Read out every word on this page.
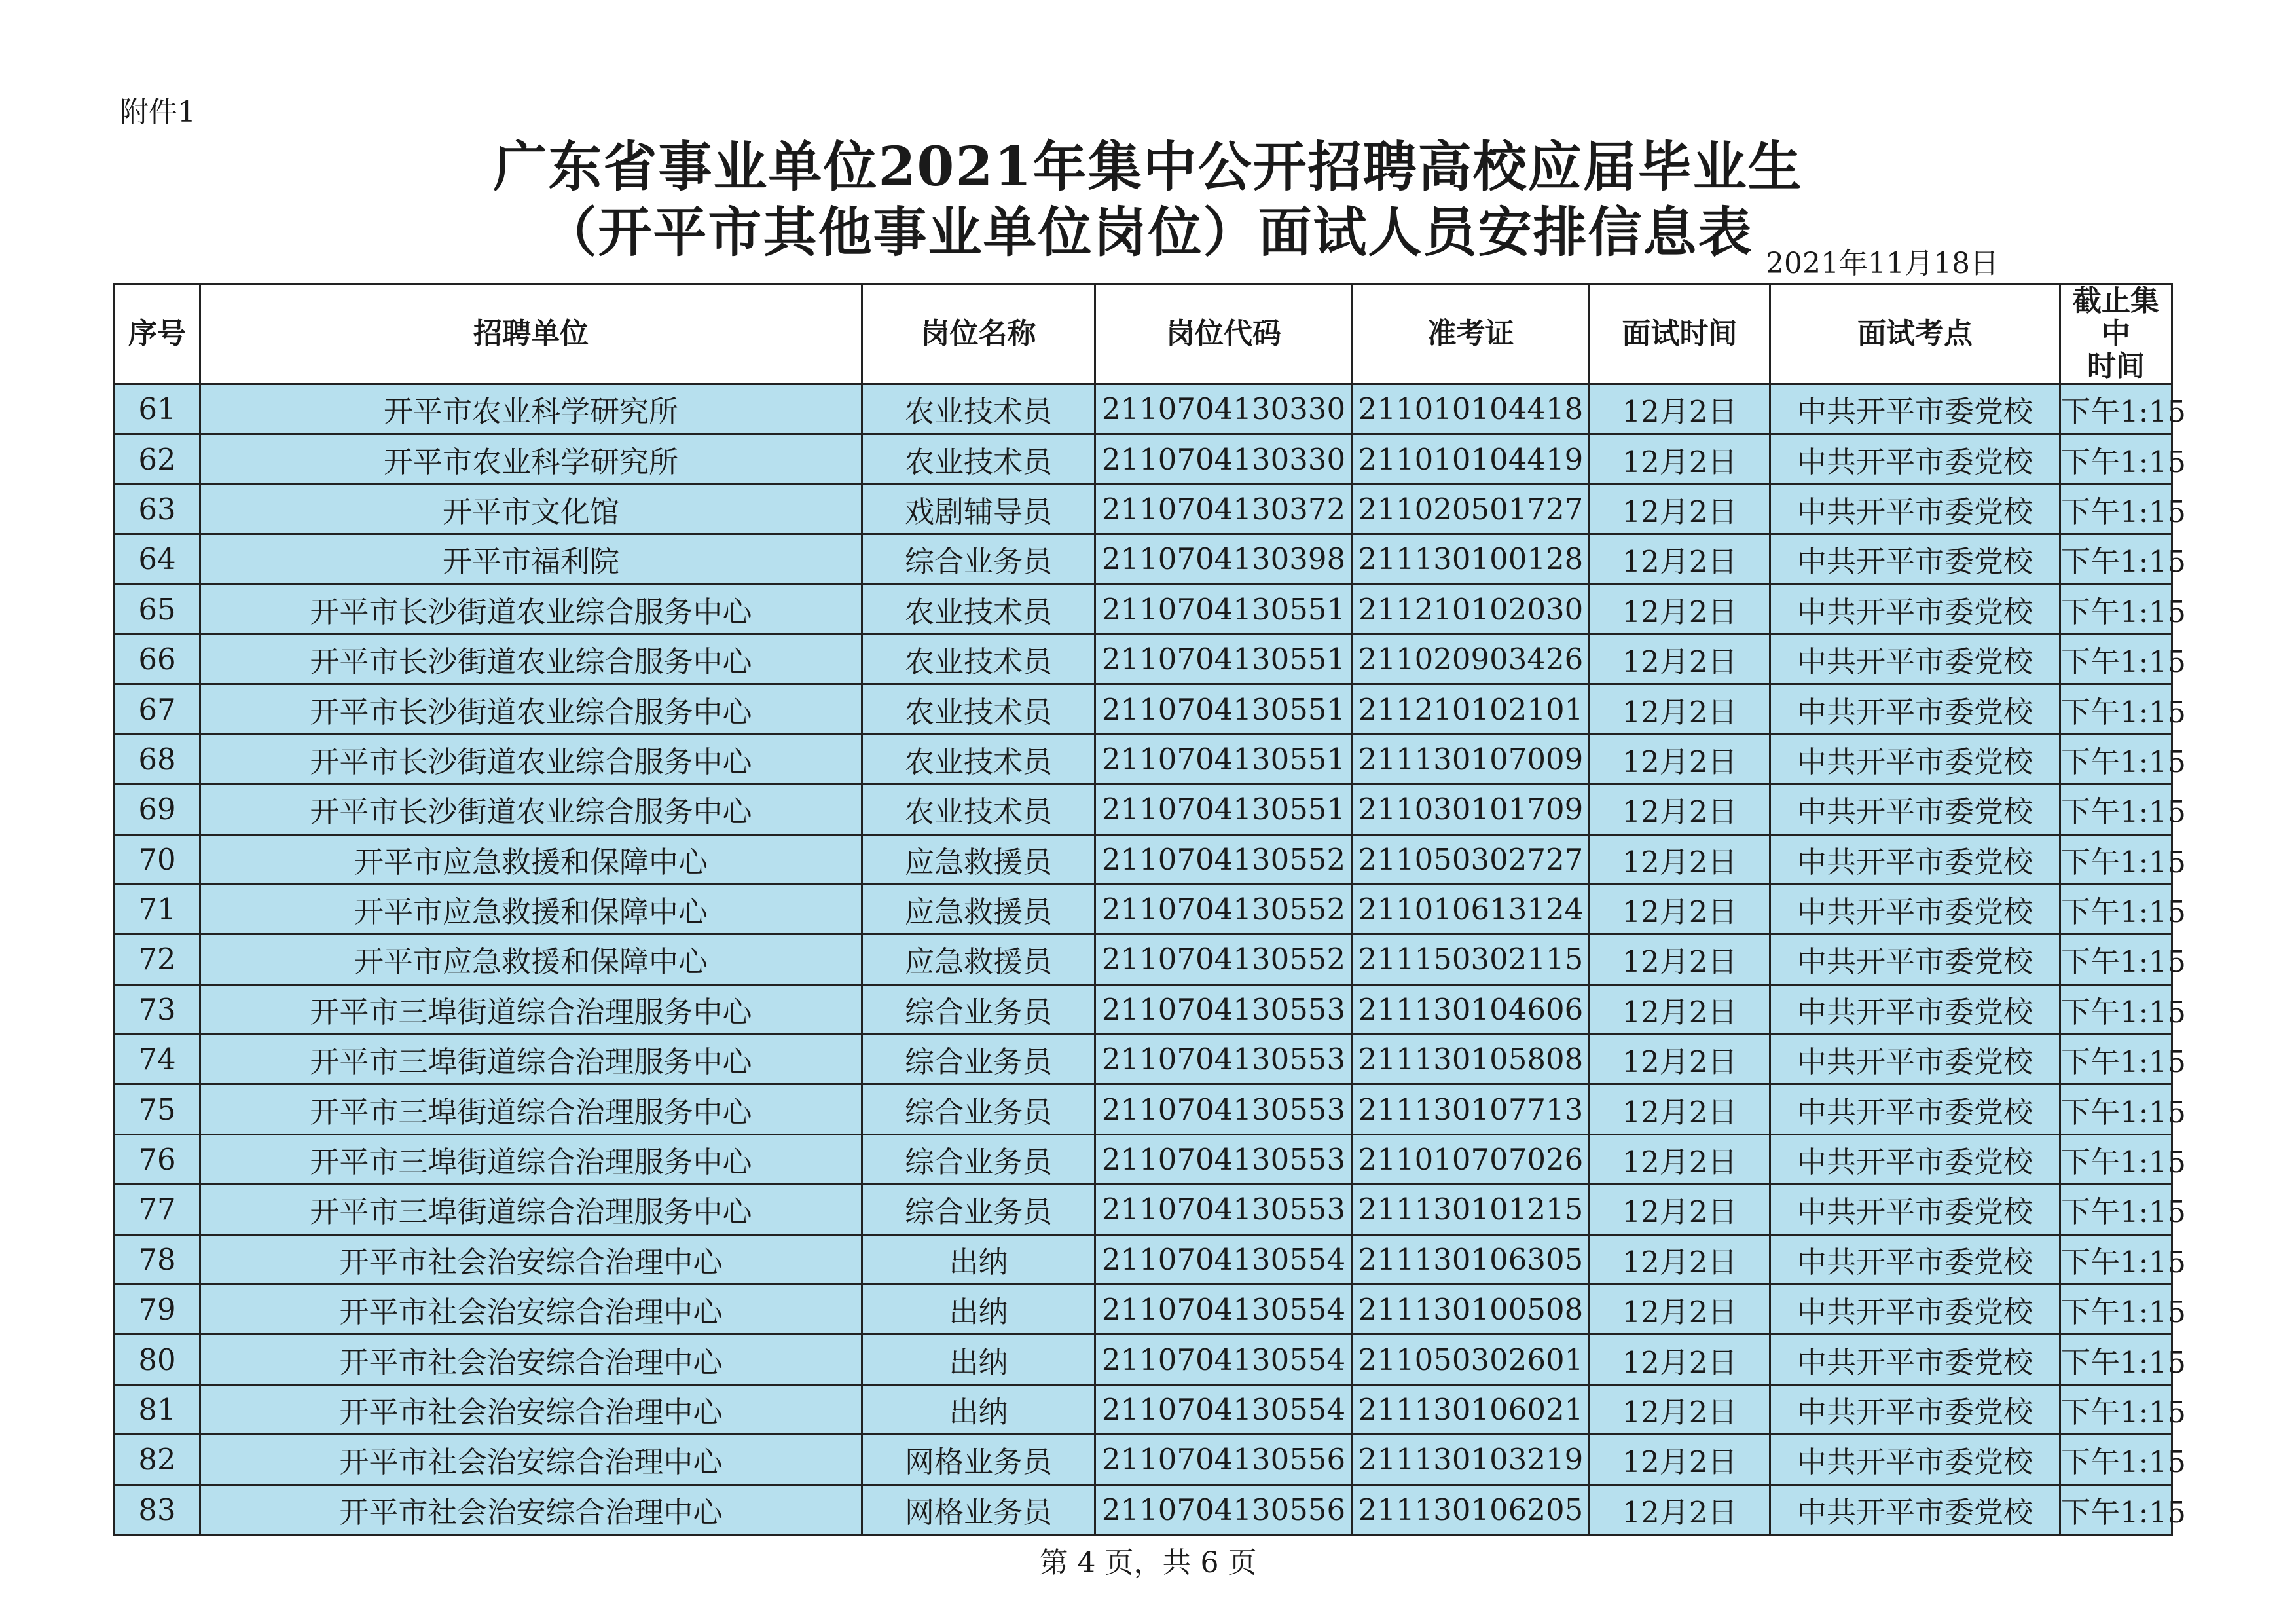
附件1
广东省事业单位2021年集中公开招聘高校应届毕业生
（开平市其他事业单位岗位）面试人员安排信息表 2021年11月18日
序号	招聘单位	岗位名称	岗位代码	准考证	面试时间	面试考点	截止集中
时间

61	开平市农业科学研究所	农业技术员	2110704130330	211010104418	12月2日	中共开平市委党校	下午1:15
62	开平市农业科学研究所	农业技术员	2110704130330	211010104419	12月2日	中共开平市委党校	下午1:15
63	开平市文化馆	戏剧辅导员	2110704130372	211020501727	12月2日	中共开平市委党校	下午1:15
64	开平市福利院	综合业务员	2110704130398	211130100128	12月2日	中共开平市委党校	下午1:15
65	开平市长沙街道农业综合服务中心	农业技术员	2110704130551	211210102030	12月2日	中共开平市委党校	下午1:15
66	开平市长沙街道农业综合服务中心	农业技术员	2110704130551	211020903426	12月2日	中共开平市委党校	下午1:15
67	开平市长沙街道农业综合服务中心	农业技术员	2110704130551	211210102101	12月2日	中共开平市委党校	下午1:15
68	开平市长沙街道农业综合服务中心	农业技术员	2110704130551	211130107009	12月2日	中共开平市委党校	下午1:15
69	开平市长沙街道农业综合服务中心	农业技术员	2110704130551	211030101709	12月2日	中共开平市委党校	下午1:15
70	开平市应急救援和保障中心	应急救援员	2110704130552	211050302727	12月2日	中共开平市委党校	下午1:15
71	开平市应急救援和保障中心	应急救援员	2110704130552	211010613124	12月2日	中共开平市委党校	下午1:15
72	开平市应急救援和保障中心	应急救援员	2110704130552	211150302115	12月2日	中共开平市委党校	下午1:15
73	开平市三埠街道综合治理服务中心	综合业务员	2110704130553	211130104606	12月2日	中共开平市委党校	下午1:15
74	开平市三埠街道综合治理服务中心	综合业务员	2110704130553	211130105808	12月2日	中共开平市委党校	下午1:15
75	开平市三埠街道综合治理服务中心	综合业务员	2110704130553	211130107713	12月2日	中共开平市委党校	下午1:15
76	开平市三埠街道综合治理服务中心	综合业务员	2110704130553	211010707026	12月2日	中共开平市委党校	下午1:15
77	开平市三埠街道综合治理服务中心	综合业务员	2110704130553	211130101215	12月2日	中共开平市委党校	下午1:15
78	开平市社会治安综合治理中心	出纳	2110704130554	211130106305	12月2日	中共开平市委党校	下午1:15
79	开平市社会治安综合治理中心	出纳	2110704130554	211130100508	12月2日	中共开平市委党校	下午1:15
80	开平市社会治安综合治理中心	出纳	2110704130554	211050302601	12月2日	中共开平市委党校	下午1:15
81	开平市社会治安综合治理中心	出纳	2110704130554	211130106021	12月2日	中共开平市委党校	下午1:15
82	开平市社会治安综合治理中心	网格业务员	2110704130556	211130103219	12月2日	中共开平市委党校	下午1:15
83	开平市社会治安综合治理中心	网格业务员	2110704130556	211130106205	12月2日	中共开平市委党校	下午1:15
第 4 页，共 6 页
